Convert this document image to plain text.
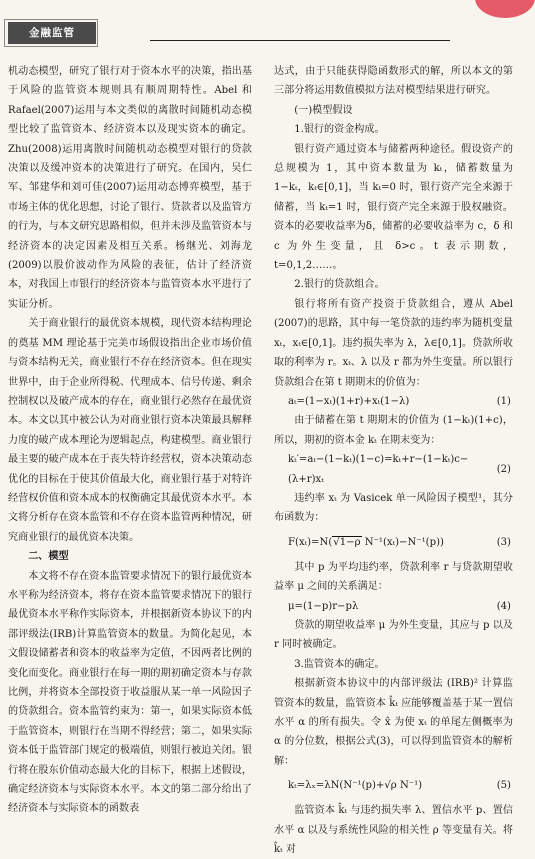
金融监管

机动态模型，研究了银行对于资本水平的决策，指出基于风险的监管资本规则具有顺周期特性。Abel 和 Rafael(2007)运用与本文类似的离散时间随机动态模型比较了监管资本、经济资本以及现实资本的确定。Zhu(2008)运用离散时间随机动态模型对银行的贷款决策以及缓冲资本的决策进行了研究。在国内，吴仁军、邹建华和刘可佳(2007)运用动态博弈模型，基于市场主体的优化思想，讨论了银行、贷款者以及监管方的行为，与本文研究思路相似，但并未涉及监管资本与经济资本的决定因素及相互关系。杨继光、刘海龙(2009)以股价波动作为风险的表征，估计了经济资本，对我国上市银行的经济资本与监管资本水平进行了实证分析。

关于商业银行的最优资本规模，现代资本结构理论的奠基 MM 理论基于完美市场假设指出企业市场价值与资本结构无关，商业银行不存在经济资本。但在现实世界中，由于企业所得税、代理成本、信号传递、剩余控制权以及破产成本的存在，商业银行必然存在最优资本。本文以其中被公认为对商业银行资本决策最具解释力度的破产成本理论为逻辑起点，构建模型。商业银行最主要的破产成本在于丧失特许经营权，资本决策动态优化的目标在于使其价值最大化，商业银行基于对特许经营权价值和资本成本的权衡确定其最优资本水平。本文将分析存在资本监管和不存在资本监管两种情况，研究商业银行的最优资本决策。

二、模型

本文将不存在资本监管要求情况下的银行最优资本水平称为经济资本，将存在资本监管要求情况下的银行最优资本水平称作实际资本，并根据新资本协议下的内部评级法(IRB)计算监管资本的数量。为简化起见，本文假设储蓄者和资本的收益率为定值，不因两者比例的变化而变化。商业银行在每一期的期初确定资本与存款比例，并将资本全部投资于收益服从某一单一风险因子的贷款组合。资本监管约束为：第一，如果实际资本低于监管资本，则银行在当期不得经营；第二，如果实际资本低于监管部门规定的极端值，则银行被迫关闭。银行将在股东价值动态最大化的目标下，根据上述假设，确定经济资本与实际资本水平。本文的第二部分给出了经济资本与实际资本的函数表

达式，由于只能获得隐函数形式的解，所以本文的第三部分将运用数值模拟方法对模型结果进行研究。

(一)模型假设

1.银行的资金构成。

银行资产通过资本与储蓄两种途径。假设资产的总规模为 1，其中资本数量为 kₜ，储蓄数量为 1−kₜ，kₜ∈[0,1]，当 kₜ=0 时，银行资产完全来源于储蓄，当 kₜ=1 时，银行资产完全来源于股权融资。资本的必要收益率为δ，储蓄的必要收益率为 c，δ 和 c 为外生变量，且 δ>c。t 表示期数，t=0,1,2……。

2.银行的贷款组合。

银行将所有资产投资于贷款组合，遵从 Abel (2007)的思路，其中每一笔贷款的违约率为随机变量 xₜ，xₜ∈[0,1]。违约损失率为 λ，λ∈[0,1]。贷款所收取的利率为 r。xₜ、λ 以及 r 都为外生变量。所以银行贷款组合在第 t 期期末的价值为：

aₜ=(1−xₜ)(1+r)+xₜ(1−λ)	(1)

由于储蓄在第 t 期期末的价值为 (1−kₜ)(1+c)，所以，期初的资本金 kₜ 在期末变为：

kₜ′=aₜ−(1−kₜ)(1−c)=kₜ+r−(1−kₜ)c−(λ+r)xₜ
(2)

违约率 xₜ 为 Vasicek 单一风险因子模型¹，其分布函数为：

F(xₜ)=N(√1−ρ N⁻¹(xₜ)−N⁻¹(p))	(3)

其中 p 为平均违约率，贷款利率 r 与贷款期望收益率 μ 之间的关系满足：

μ=(1−p)r−pλ	(4)

贷款的期望收益率 μ 为外生变量，其应与 p 以及 r 同时被确定。

3.监管资本的确定。

根据新资本协议中的内部评级法 (IRB)² 计算监管资本的数量，监管资本 k̂ₜ 应能够覆盖基于某一置信水平 α 的所有损失。令 x̂ 为使 xₜ 的单尾左侧概率为 α 的分位数，根据公式(3)，可以得到监管资本的解析解：

kₜ=λₓ=λN(N⁻¹(p)+√ρ N⁻¹)	(5)

监管资本 k̂ₜ 与违约损失率 λ、置信水平 p、置信水平 α 以及与系统性风险的相关性 ρ 等变量有关。将 k̂ₜ 对
